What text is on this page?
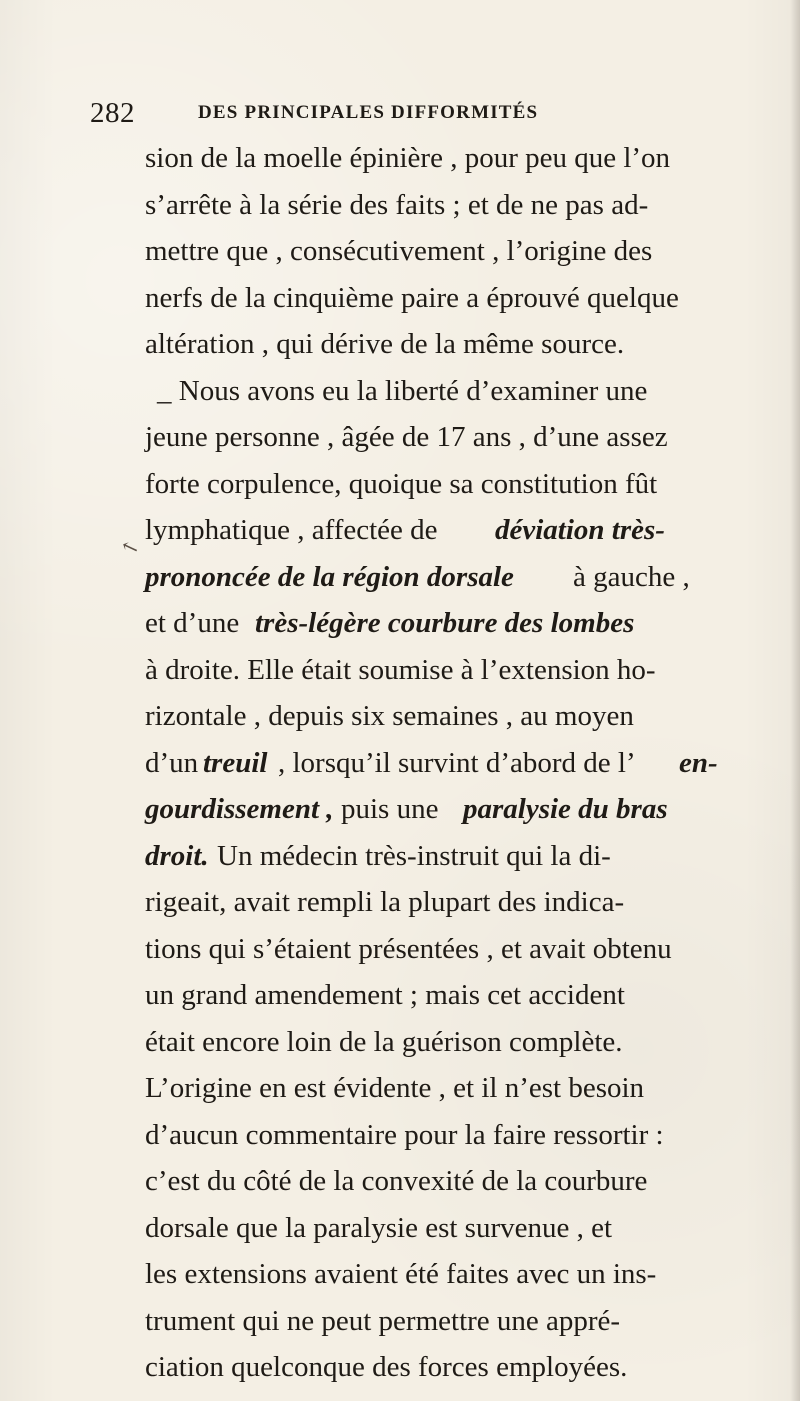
282	DES PRINCIPALES DIFFORMITÉS
↖
sion de la moelle épinière , pour peu que l’on
s’arrête à la série des faits ; et de ne pas ad-
mettre que , consécutivement , l’origine des
nerfs de la cinquième paire a éprouvé quelque
altération , qui dérive de la même source.
_ Nous avons eu la liberté d’examiner une
jeune personne , âgée de 17 ans , d’une assez
forte corpulence, quoique sa constitution fût
lymphatique , affectée de déviation très-
prononcée de la région dorsale à gauche ,
et d’une très-légère courbure des lombes
à droite. Elle était soumise à l’extension ho-
rizontale , depuis six semaines , au moyen
d’un treuil , lorsqu’il survint d’abord de l’ en-
gourdissement , puis une paralysie du bras
droit. Un médecin très-instruit qui la di-
rigeait, avait rempli la plupart des indica-
tions qui s’étaient présentées , et avait obtenu
un grand amendement ; mais cet accident
était encore loin de la guérison complète.
L’origine en est évidente , et il n’est besoin
d’aucun commentaire pour la faire ressortir :
c’est du côté de la convexité de la courbure
dorsale que la paralysie est survenue , et
les extensions avaient été faites avec un ins-
trument qui ne peut permettre une appré-
ciation quelconque des forces employées.
